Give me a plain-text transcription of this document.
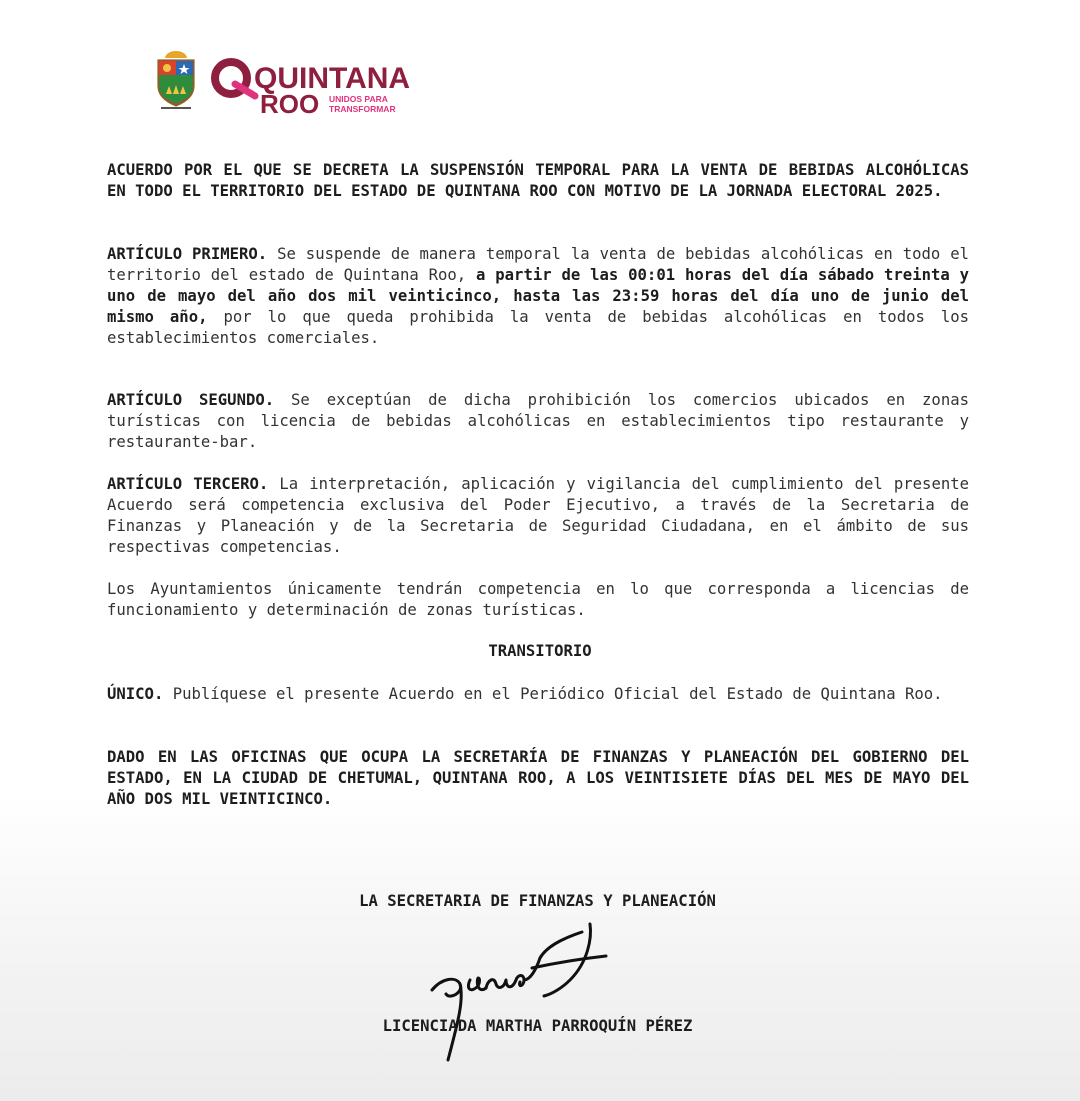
QUINTANA
ROO UNIDOS PARA
TRANSFORMAR

ACUERDO POR EL QUE SE DECRETA LA SUSPENSIÓN TEMPORAL PARA LA VENTA DE BEBIDAS ALCOHÓLICAS EN TODO EL TERRITORIO DEL ESTADO DE QUINTANA ROO CON MOTIVO DE LA JORNADA ELECTORAL 2025.

ARTÍCULO PRIMERO. Se suspende de manera temporal la venta de bebidas alcohólicas en todo el territorio del estado de Quintana Roo, a partir de las 00:01 horas del día sábado treinta y uno de mayo del año dos mil veinticinco, hasta las 23:59 horas del día uno de junio del mismo año, por lo que queda prohibida la venta de bebidas alcohólicas en todos los establecimientos comerciales.

ARTÍCULO SEGUNDO. Se exceptúan de dicha prohibición los comercios ubicados en zonas turísticas con licencia de bebidas alcohólicas en establecimientos tipo restaurante y restaurante-bar.

ARTÍCULO TERCERO. La interpretación, aplicación y vigilancia del cumplimiento del presente Acuerdo será competencia exclusiva del Poder Ejecutivo, a través de la Secretaria de Finanzas y Planeación y de la Secretaria de Seguridad Ciudadana, en el ámbito de sus respectivas competencias.

Los Ayuntamientos únicamente tendrán competencia en lo que corresponda a licencias de funcionamiento y determinación de zonas turísticas.

TRANSITORIO

ÚNICO. Publíquese el presente Acuerdo en el Periódico Oficial del Estado de Quintana Roo.

DADO EN LAS OFICINAS QUE OCUPA LA SECRETARÍA DE FINANZAS Y PLANEACIÓN DEL GOBIERNO DEL ESTADO, EN LA CIUDAD DE CHETUMAL, QUINTANA ROO, A LOS VEINTISIETE DÍAS DEL MES DE MAYO DEL AÑO DOS MIL VEINTICINCO.

LA SECRETARIA DE FINANZAS Y PLANEACIÓN
LICENCIADA MARTHA PARROQUÍN PÉREZ
